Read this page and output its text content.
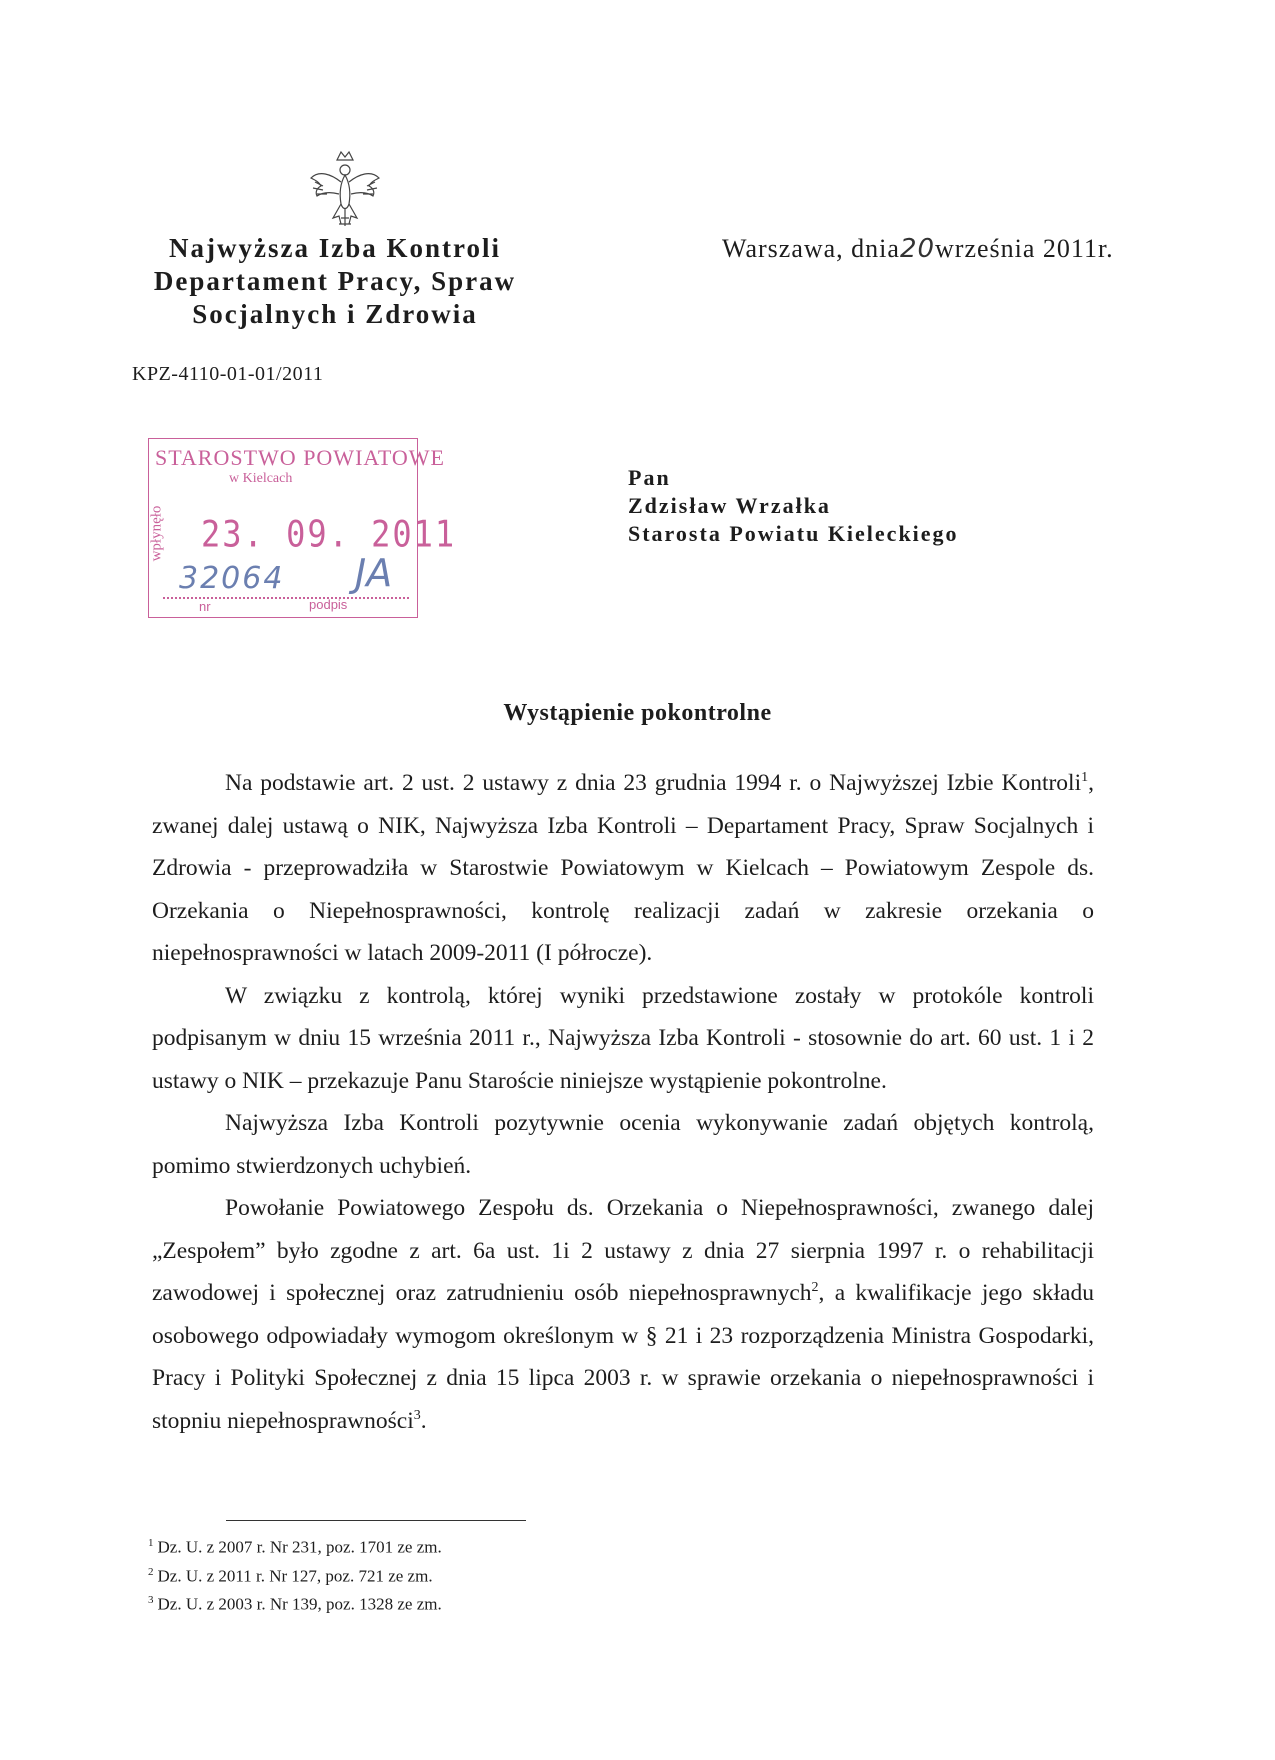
Najwyższa Izba Kontroli
Departament Pracy, Spraw
Socjalnych i Zdrowia
Warszawa, dnia20września 2011r.
KPZ-4110-01-01/2011
STAROSTWO POWIATOWE
w Kielcach
wpłynęło 23. 09. 2011
32064 JA
nr	podpis
Pan
Zdzisław Wrzałka
Starosta Powiatu Kieleckiego
Wystąpienie pokontrolne

Na podstawie art. 2 ust. 2 ustawy z dnia 23 grudnia 1994 r. o Najwyższej Izbie Kontroli$^1$, zwanej dalej ustawą o NIK, Najwyższa Izba Kontroli – Departament Pracy, Spraw Socjalnych i Zdrowia - przeprowadziła w Starostwie Powiatowym w Kielcach – Powiatowym Zespole ds. Orzekania o Niepełnosprawności, kontrolę realizacji zadań w zakresie orzekania o niepełnosprawności w latach 2009-2011 (I półrocze).

W związku z kontrolą, której wyniki przedstawione zostały w protokóle kontroli podpisanym w dniu 15 września 2011 r., Najwyższa Izba Kontroli - stosownie do art. 60 ust. 1 i 2 ustawy o NIK – przekazuje Panu Staroście niniejsze wystąpienie pokontrolne.

Najwyższa Izba Kontroli pozytywnie ocenia wykonywanie zadań objętych kontrolą, pomimo stwierdzonych uchybień.

Powołanie Powiatowego Zespołu ds. Orzekania o Niepełnosprawności, zwanego dalej „Zespołem” było zgodne z art. 6a ust. 1i 2 ustawy z dnia 27 sierpnia 1997 r. o rehabilitacji zawodowej i społecznej oraz zatrudnieniu osób niepełnosprawnych$^2$, a kwalifikacje jego składu osobowego odpowiadały wymogom określonym w § 21 i 23 rozporządzenia Ministra Gospodarki, Pracy i Polityki Społecznej z dnia 15 lipca 2003 r. w sprawie orzekania o niepełnosprawności i stopniu niepełnosprawności$^3$.

$^1$ Dz. U. z 2007 r. Nr 231, poz. 1701 ze zm.
$^2$ Dz. U. z 2011 r. Nr 127, poz. 721 ze zm.
$^3$ Dz. U. z 2003 r. Nr 139, poz. 1328 ze zm.
